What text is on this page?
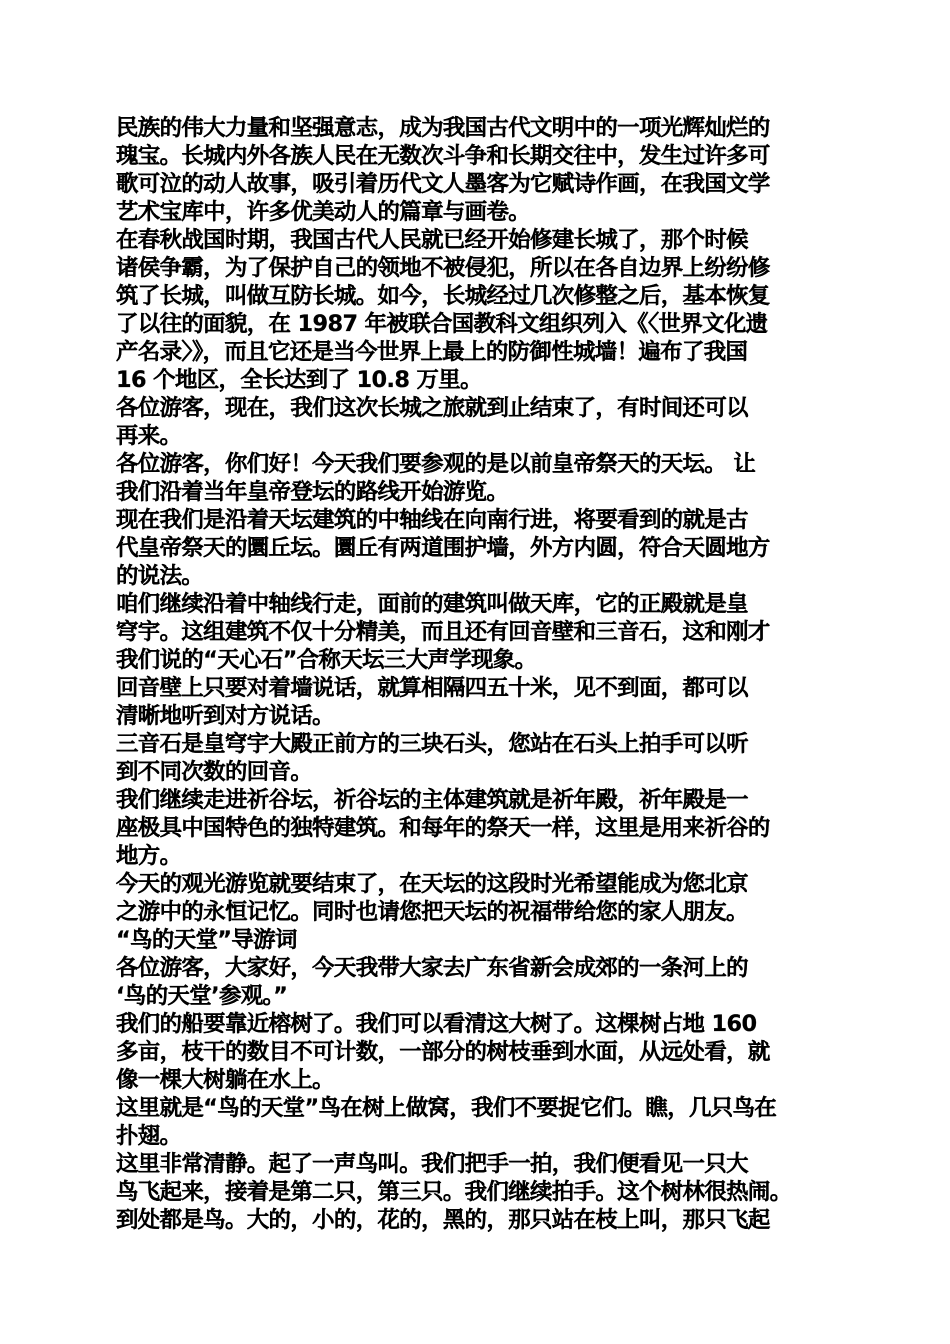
民族的伟大力量和坚强意志，成为我国古代文明中的一项光辉灿烂的
瑰宝。长城内外各族人民在无数次斗争和长期交往中，发生过许多可
歌可泣的动人故事，吸引着历代文人墨客为它赋诗作画，在我国文学
艺术宝库中，许多优美动人的篇章与画卷。
在春秋战国时期，我国古代人民就已经开始修建长城了，那个时候
诸侯争霸，为了保护自己的领地不被侵犯，所以在各自边界上纷纷修
筑了长城，叫做互防长城。如今，长城经过几次修整之后，基本恢复
了以往的面貌，在 1987 年被联合国教科文组织列入《〈世界文化遗
产名录〉》，而且它还是当今世界上最上的防御性城墙！遍布了我国
16 个地区，全长达到了 10.8 万里。
各位游客，现在，我们这次长城之旅就到止结束了，有时间还可以
再来。
各位游客，你们好！今天我们要参观的是以前皇帝祭天的天坛。 让
我们沿着当年皇帝登坛的路线开始游览。
现在我们是沿着天坛建筑的中轴线在向南行进，将要看到的就是古
代皇帝祭天的圜丘坛。圜丘有两道围护墙，外方内圆，符合天圆地方
的说法。
咱们继续沿着中轴线行走，面前的建筑叫做天库，它的正殿就是皇
穹宇。这组建筑不仅十分精美，而且还有回音壁和三音石，这和刚才
我们说的“天心石”合称天坛三大声学现象。
回音壁上只要对着墙说话，就算相隔四五十米，见不到面，都可以
清晰地听到对方说话。
三音石是皇穹宇大殿正前方的三块石头，您站在石头上拍手可以听
到不同次数的回音。
我们继续走进祈谷坛，祈谷坛的主体建筑就是祈年殿，祈年殿是一
座极具中国特色的独特建筑。和每年的祭天一样，这里是用来祈谷的
地方。
今天的观光游览就要结束了，在天坛的这段时光希望能成为您北京
之游中的永恒记忆。同时也请您把天坛的祝福带给您的家人朋友。
“鸟的天堂”导游词
各位游客，大家好，今天我带大家去广东省新会成郊的一条河上的
‘鸟的天堂’参观。”
我们的船要靠近榕树了。我们可以看清这大树了。这棵树占地 160
多亩，枝干的数目不可计数，一部分的树枝垂到水面，从远处看，就
像一棵大树躺在水上。
这里就是“鸟的天堂”鸟在树上做窝，我们不要捉它们。瞧，几只鸟在
扑翅。
这里非常清静。起了一声鸟叫。我们把手一拍，我们便看见一只大
鸟飞起来，接着是第二只，第三只。我们继续拍手。这个树林很热闹。
到处都是鸟。大的，小的，花的，黑的，那只站在枝上叫，那只飞起
